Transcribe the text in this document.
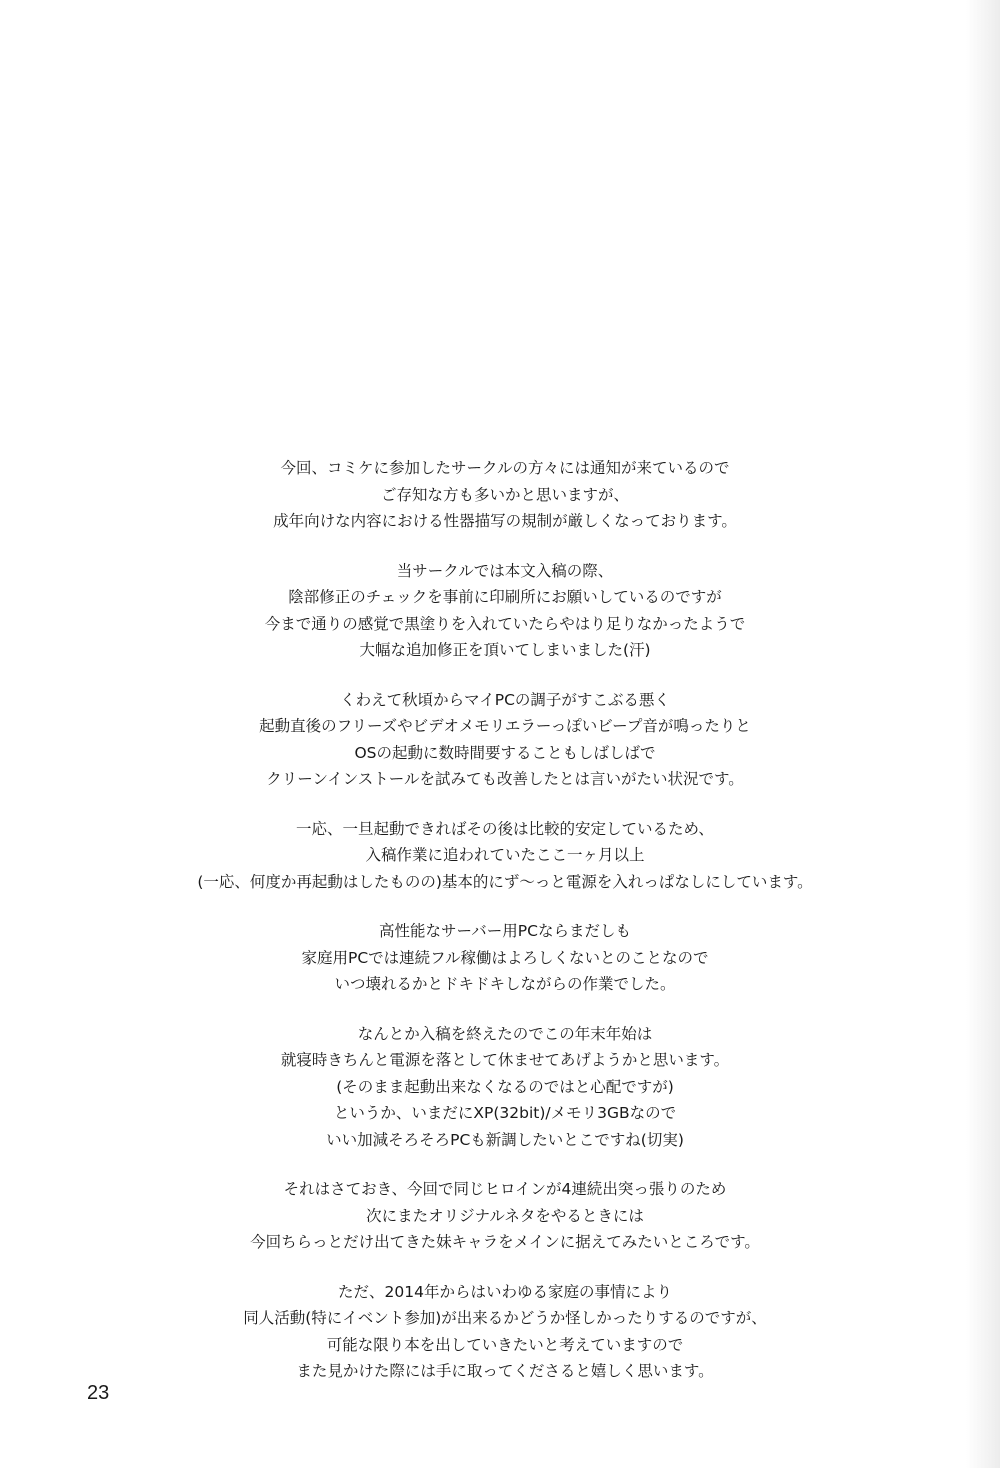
今回、コミケに参加したサークルの方々には通知が来ているので
ご存知な方も多いかと思いますが、
成年向けな内容における性器描写の規制が厳しくなっております。
当サークルでは本文入稿の際、
陰部修正のチェックを事前に印刷所にお願いしているのですが
今まで通りの感覚で黒塗りを入れていたらやはり足りなかったようで
大幅な追加修正を頂いてしまいました(汗)
くわえて秋頃からマイPCの調子がすこぶる悪く
起動直後のフリーズやビデオメモリエラーっぽいビープ音が鳴ったりと
OSの起動に数時間要することもしばしばで
クリーンインストールを試みても改善したとは言いがたい状況です。
一応、一旦起動できればその後は比較的安定しているため、
入稿作業に追われていたここ一ヶ月以上
(一応、何度か再起動はしたものの)基本的にず～っと電源を入れっぱなしにしています。
高性能なサーバー用PCならまだしも
家庭用PCでは連続フル稼働はよろしくないとのことなので
いつ壊れるかとドキドキしながらの作業でした。
なんとか入稿を終えたのでこの年末年始は
就寝時きちんと電源を落として休ませてあげようかと思います。
(そのまま起動出来なくなるのではと心配ですが)
というか、いまだにXP(32bit)/メモリ3GBなので
いい加減そろそろPCも新調したいとこですね(切実)
それはさておき、今回で同じヒロインが4連続出突っ張りのため
次にまたオリジナルネタをやるときには
今回ちらっとだけ出てきた妹キャラをメインに据えてみたいところです。
ただ、2014年からはいわゆる家庭の事情により
同人活動(特にイベント参加)が出来るかどうか怪しかったりするのですが、
可能な限り本を出していきたいと考えていますので
また見かけた際には手に取ってくださると嬉しく思います。
23
